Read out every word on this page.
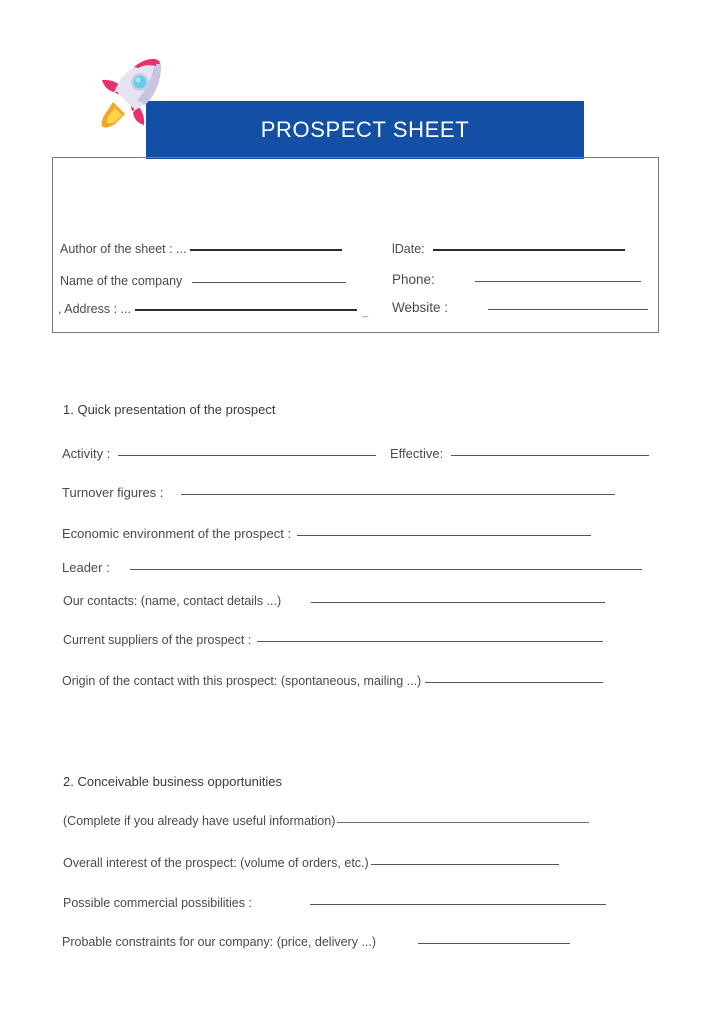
PROSPECT SHEET
Author of the sheet : ...	lDate:
Name of the company	Phone:
, Address : ...	_ Website :
1. Quick presentation of the prospect
Activity :	Effective:
Turnover figures :
Economic environment of the prospect :
Leader :
Our contacts: (name, contact details ...)
Current suppliers of the prospect :
Origin of the contact with this prospect: (spontaneous, mailing ...)
2. Conceivable business opportunities
(Complete if you already have useful information)
Overall interest of the prospect: (volume of orders, etc.)
Possible commercial possibilities :
Probable constraints for our company: (price, delivery ...)
